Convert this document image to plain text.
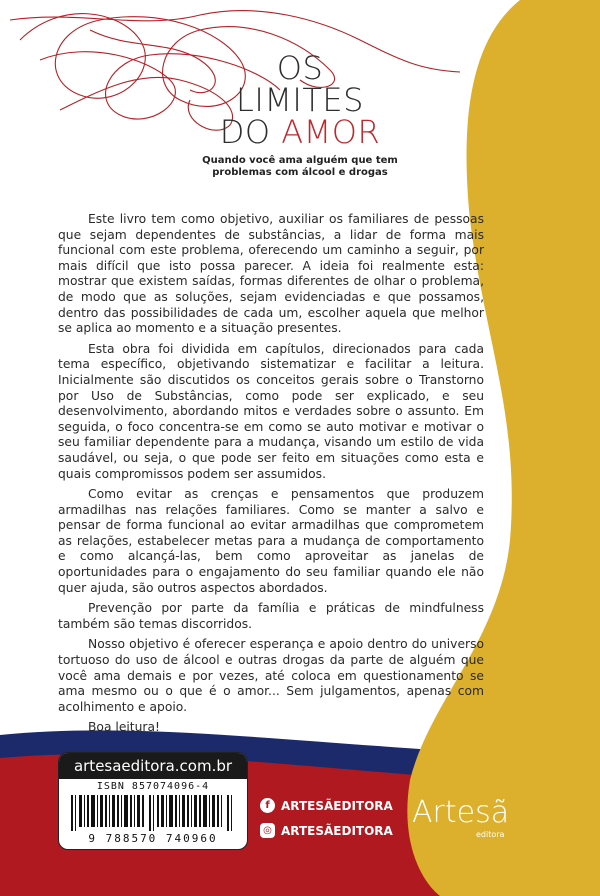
OS
LIMITES
DO AMOR
Quando você ama alguém que tem problemas com álcool e drogas

Este livro tem como objetivo, auxiliar os familiares de pessoas que sejam dependentes de substâncias, a lidar de forma mais funcional com este problema, oferecendo um caminho a seguir, por mais difícil que isto possa parecer. A ideia foi realmente esta: mostrar que existem saídas, formas diferentes de olhar o problema, de modo que as soluções, sejam evidenciadas e que possamos, dentro das possibilidades de cada um, escolher aquela que melhor se aplica ao momento e a situação presentes.

Esta obra foi dividida em capítulos, direcionados para cada tema específico, objetivando sistematizar e facilitar a leitura. Inicialmente são discutidos os conceitos gerais sobre o Transtorno por Uso de Substâncias, como pode ser explicado, e seu desenvolvimento, abordando mitos e verdades sobre o assunto. Em seguida, o foco concentra-se em como se auto motivar e motivar o seu familiar dependente para a mudança, visando um estilo de vida saudável, ou seja, o que pode ser feito em situações como esta e quais compromissos podem ser assumidos.

Como evitar as crenças e pensamentos que produzem armadilhas nas relações familiares. Como se manter a salvo e pensar de forma funcional ao evitar armadilhas que comprometem as relações, estabelecer metas para a mudança de comportamento e como alcançá-las, bem como aproveitar as janelas de oportunidades para o engajamento do seu familiar quando ele não quer ajuda, são outros aspectos abordados.

Prevenção por parte da família e práticas de mindfulness também são temas discorridos.

Nosso objetivo é oferecer esperança e apoio dentro do universo tortuoso do uso de álcool e outras drogas da parte de alguém que você ama demais e por vezes, até coloca em questionamento se ama mesmo ou o que é o amor... Sem julgamentos, apenas com acolhimento e apoio.

Boa leitura!

artesaeditora.com.br
ISBN 857074096-4
9 788570 740960
f ARTESÃEDITORA
◎ ARTESÃEDITORA
Artesã
editora
